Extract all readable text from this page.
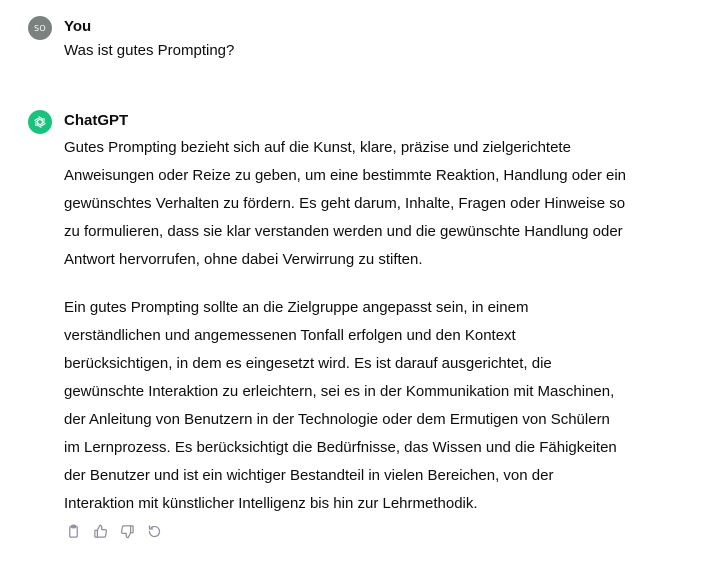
SO You
Was ist gutes Prompting?
ChatGPT

Gutes Prompting bezieht sich auf die Kunst, klare, präzise und zielgerichtete

Anweisungen oder Reize zu geben, um eine bestimmte Reaktion, Handlung oder ein

gewünschtes Verhalten zu fördern. Es geht darum, Inhalte, Fragen oder Hinweise so

zu formulieren, dass sie klar verstanden werden und die gewünschte Handlung oder

Antwort hervorrufen, ohne dabei Verwirrung zu stiften.

Ein gutes Prompting sollte an die Zielgruppe angepasst sein, in einem

verständlichen und angemessenen Tonfall erfolgen und den Kontext

berücksichtigen, in dem es eingesetzt wird. Es ist darauf ausgerichtet, die

gewünschte Interaktion zu erleichtern, sei es in der Kommunikation mit Maschinen,

der Anleitung von Benutzern in der Technologie oder dem Ermutigen von Schülern

im Lernprozess. Es berücksichtigt die Bedürfnisse, das Wissen und die Fähigkeiten

der Benutzer und ist ein wichtiger Bestandteil in vielen Bereichen, von der

Interaktion mit künstlicher Intelligenz bis hin zur Lehrmethodik.
